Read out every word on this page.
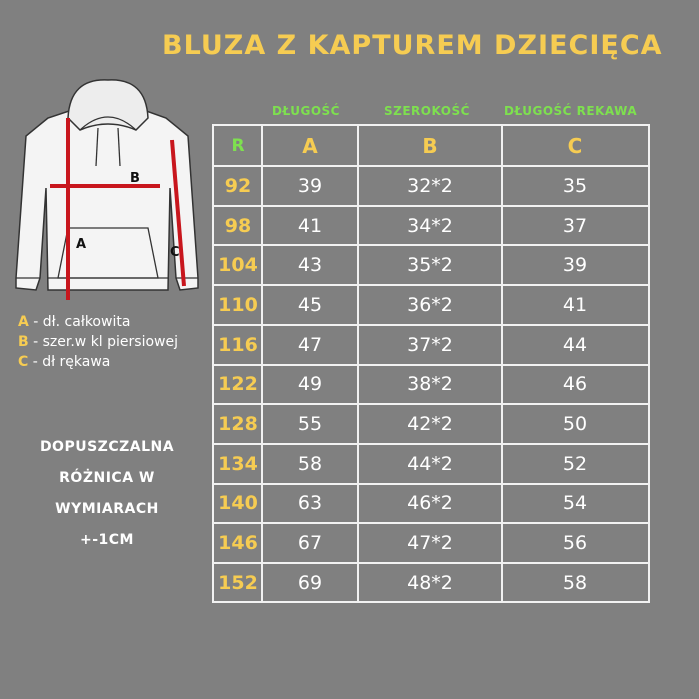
BLUZA Z KAPTUREM DZIECIĘCA
DŁUGOŚĆ	SZEROKOŚĆ	DŁUGOŚĆ REKAWA
A
B
C
A - dł. całkowita
B - szer.w kl piersiowej
C - dł rękawa
DOPUSZCZALNA
RÓŻNICA W
WYMIARACH
+-1CM
R	A	B	C
92	39	32*2	35
98	41	34*2	37
104	43	35*2	39
110	45	36*2	41
116	47	37*2	44
122	49	38*2	46
128	55	42*2	50
134	58	44*2	52
140	63	46*2	54
146	67	47*2	56
152	69	48*2	58
